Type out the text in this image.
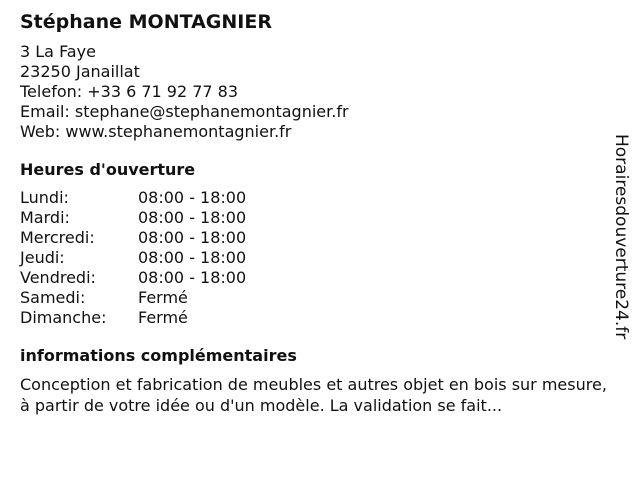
Stéphane MONTAGNIER
3 La Faye
23250 Janaillat
Telefon: +33 6 71 92 77 83
Email: stephane@stephanemontagnier.fr
Web: www.stephanemontagnier.fr
Heures d'ouverture
Lundi:	08:00 - 18:00
Mardi:	08:00 - 18:00
Mercredi:	08:00 - 18:00
Jeudi:	08:00 - 18:00
Vendredi:	08:00 - 18:00
Samedi:	Fermé
Dimanche:	Fermé
informations complémentaires
Conception et fabrication de meubles et autres objet en bois sur mesure, à partir de votre idée ou d'un modèle. La validation se fait...
Horairesdouverture24.fr
